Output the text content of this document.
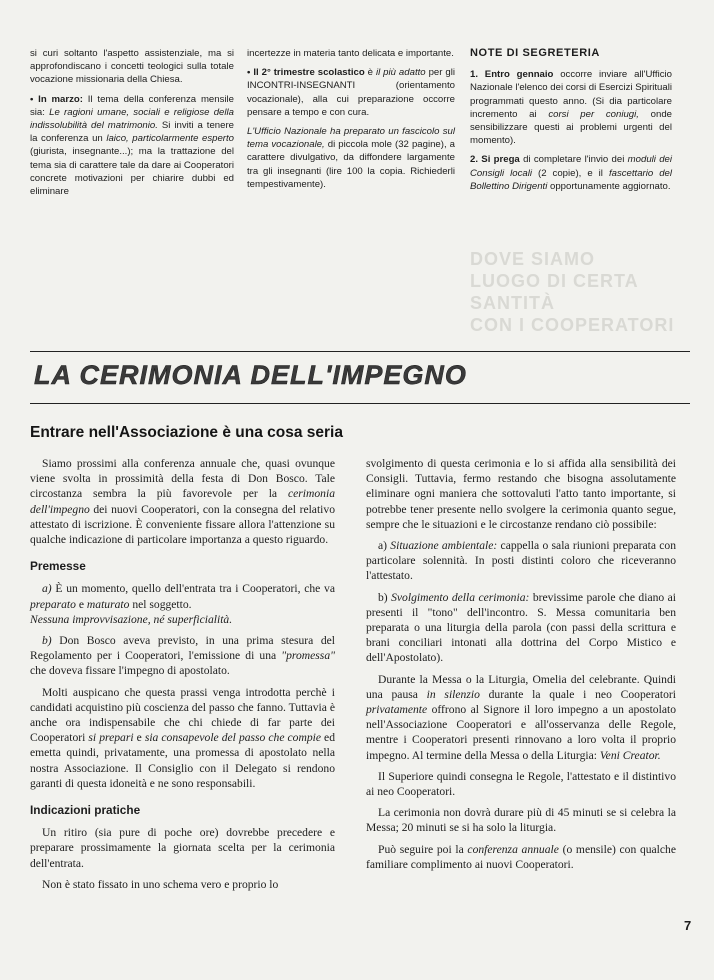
si curi soltanto l'aspetto assistenziale, ma si approfondiscano i concetti teologici sulla totale vocazione missionaria della Chiesa.

• In marzo: Il tema della conferenza mensile sia: Le ragioni umane, sociali e religiose della indissolubilità del matrimonio. Si inviti a tenere la conferenza un laico, particolarmente esperto (giurista, insegnante...); ma la trattazione del tema sia di carattere tale da dare ai Cooperatori concrete motivazioni per chiarire dubbi ed eliminare

incertezze in materia tanto delicata e importante.

• Il 2° trimestre scolastico è il più adatto per gli INCONTRI-INSEGNANTI (orientamento vocazionale), alla cui preparazione occorre pensare a tempo e con cura.

L'Ufficio Nazionale ha preparato un fascicolo sul tema vocazionale, di piccola mole (32 pagine), a carattere divulgativo, da diffondere largamente tra gli insegnanti (lire 100 la copia. Richiederli tempestivamente).

NOTE DI SEGRETERIA

1. Entro gennaio occorre inviare all'Ufficio Nazionale l'elenco dei corsi di Esercizi Spirituali programmati questo anno. (Si dia particolare incremento ai corsi per coniugi, onde sensibilizzare questi ai problemi urgenti del momento).

2. Si prega di completare l'invio dei moduli dei Consigli locali (2 copie), e il fascettario del Bollettino Dirigenti opportunamente aggiornato.

DOVE SIAMO
LUOGO DI CERTA SANTITÀ
CON I COOPERATORI
LA CERIMONIA DELL'IMPEGNO
Entrare nell'Associazione è una cosa seria

Siamo prossimi alla conferenza annuale che, quasi ovunque viene svolta in prossimità della festa di Don Bosco. Tale circostanza sembra la più favorevole per la cerimonia dell'impegno dei nuovi Cooperatori, con la consegna del relativo attestato di iscrizione. È conveniente fissare allora l'attenzione su qualche indicazione di particolare importanza a questo riguardo.

Premesse

a) È un momento, quello dell'entrata tra i Cooperatori, che va preparato e maturato nel soggetto.
Nessuna improvvisazione, né superficialità.

b) Don Bosco aveva previsto, in una prima stesura del Regolamento per i Cooperatori, l'emissione di una "promessa" che doveva fissare l'impegno di apostolato.

Molti auspicano che questa prassi venga introdotta perchè i candidati acquistino più coscienza del passo che fanno. Tuttavia è anche ora indispensabile che chi chiede di far parte dei Cooperatori si prepari e sia consapevole del passo che compie ed emetta quindi, privatamente, una promessa di apostolato nella nostra Associazione. Il Consiglio con il Delegato si rendono garanti di questa idoneità e ne sono responsabili.

Indicazioni pratiche

Un ritiro (sia pure di poche ore) dovrebbe precedere e preparare prossimamente la giornata scelta per la cerimonia dell'entrata.

Non è stato fissato in uno schema vero e proprio lo

svolgimento di questa cerimonia e lo si affida alla sensibilità dei Consigli. Tuttavia, fermo restando che bisogna assolutamente eliminare ogni maniera che sottovaluti l'atto tanto importante, si potrebbe tener presente nello svolgere la cerimonia quanto segue, sempre che le situazioni e le circostanze rendano ciò possibile:

a) Situazione ambientale: cappella o sala riunioni preparata con particolare solennità. In posti distinti coloro che riceveranno l'attestato.

b) Svolgimento della cerimonia: brevissime parole che diano ai presenti il "tono" dell'incontro. S. Messa comunitaria ben preparata o una liturgia della parola (con passi della scrittura e brani conciliari intonati alla dottrina del Corpo Mistico e dell'Apostolato).

Durante la Messa o la Liturgia, Omelia del celebrante. Quindi una pausa in silenzio durante la quale i neo Cooperatori privatamente offrono al Signore il loro impegno a un apostolato nell'Associazione Cooperatori e all'osservanza delle Regole, mentre i Cooperatori presenti rinnovano a loro volta il proprio impegno. Al termine della Messa o della Liturgia: Veni Creator.

Il Superiore quindi consegna le Regole, l'attestato e il distintivo ai neo Cooperatori.

La cerimonia non dovrà durare più di 45 minuti se si celebra la Messa; 20 minuti se si ha solo la liturgia.

Può seguire poi la conferenza annuale (o mensile) con qualche familiare complimento ai nuovi Cooperatori.

7
